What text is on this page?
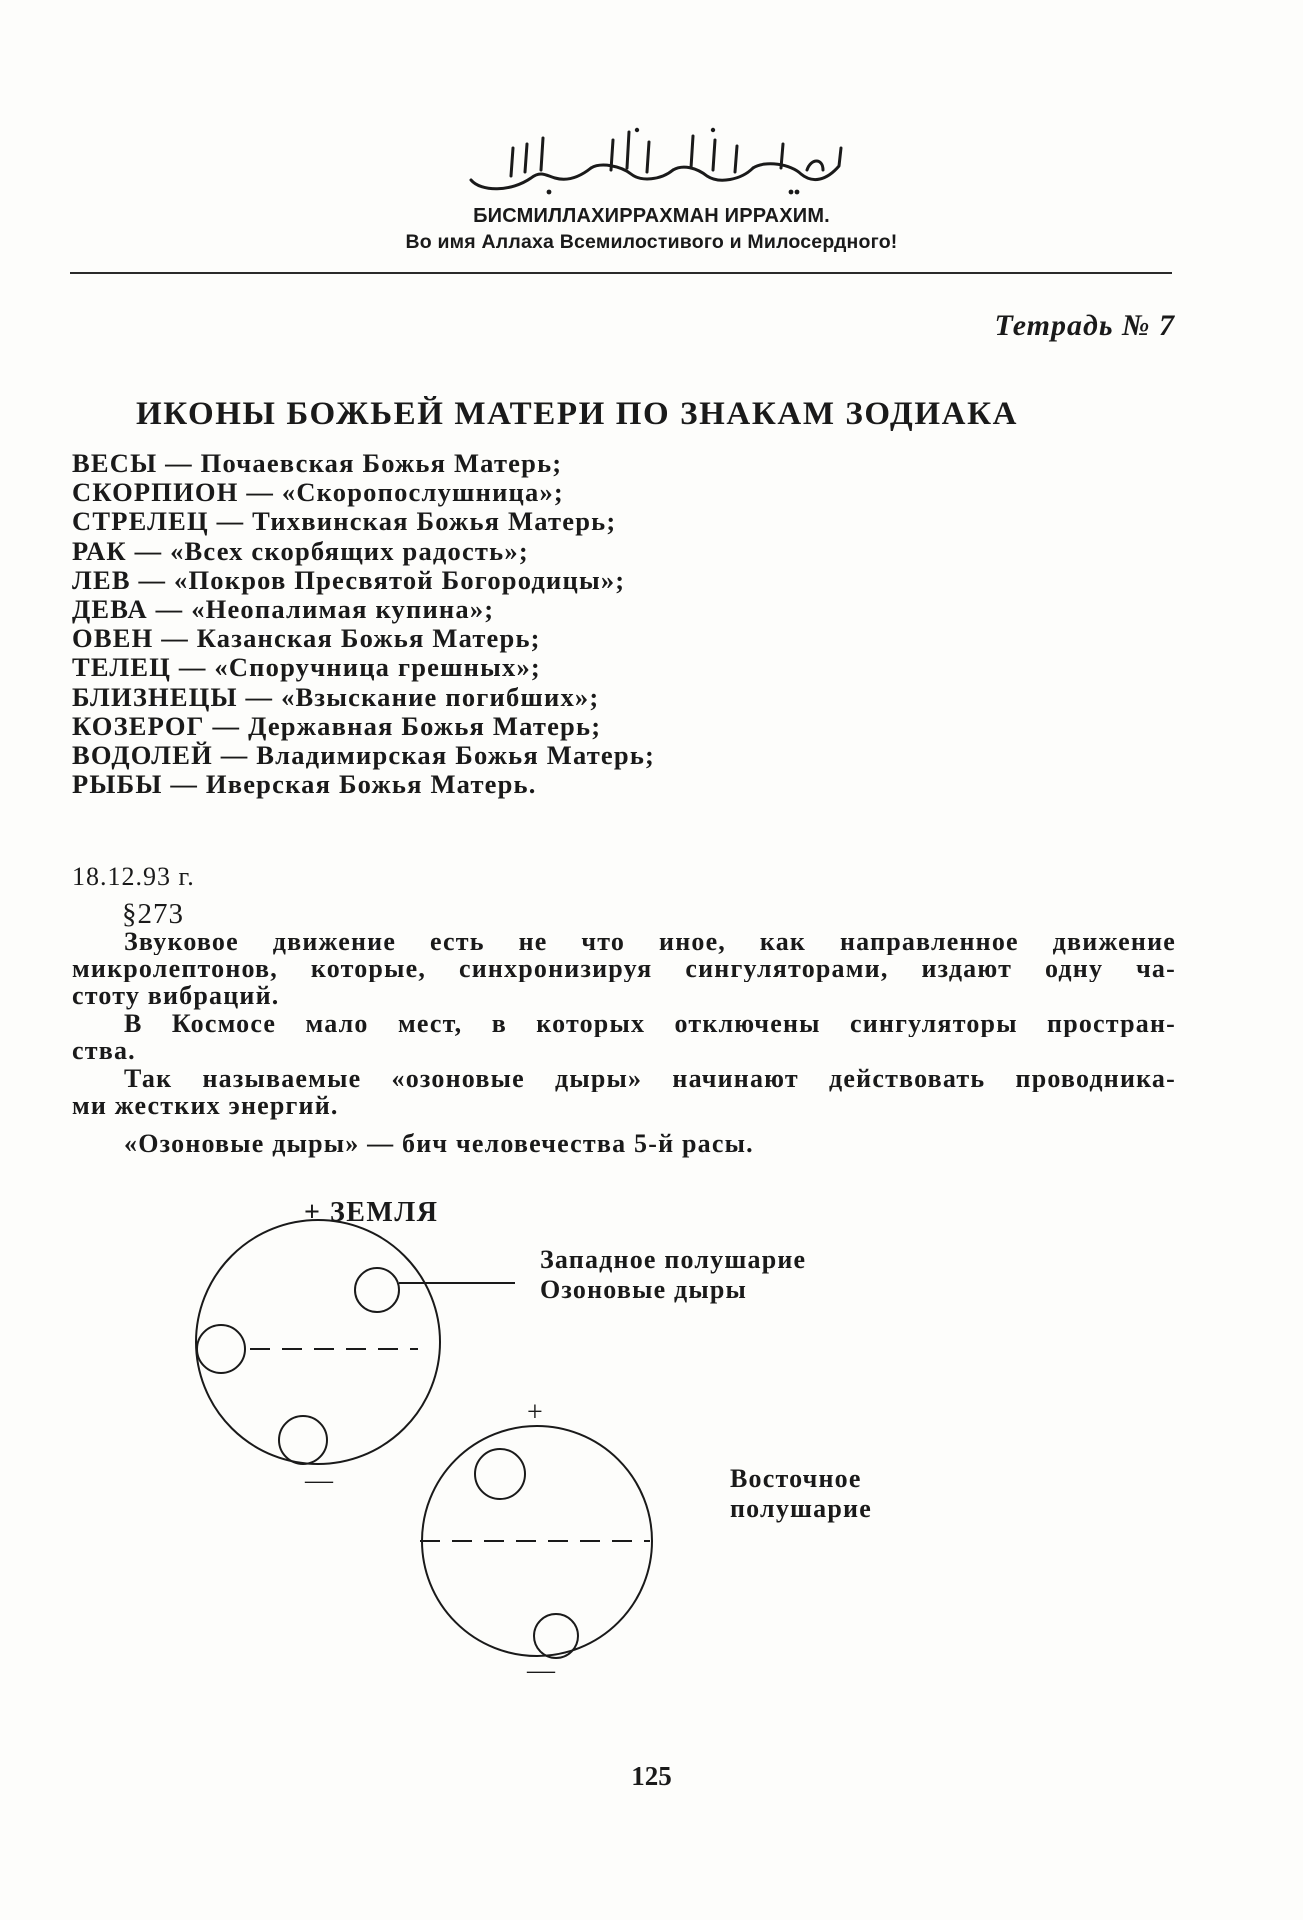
بِسْمِ اللَّهِ الرَّحْمَنِ الرَّحِيمِ
БИСМИЛЛАХИРРАХМАН ИРРАХИМ.
Во имя Аллаха Всемилостивого и Милосердного!
Тетрадь № 7
ИКОНЫ БОЖЬЕЙ МАТЕРИ ПО ЗНАКАМ ЗОДИАКА
ВЕСЫ — Почаевская Божья Матерь;
СКОРПИОН — «Скоропослушница»;
СТРЕЛЕЦ — Тихвинская Божья Матерь;
РАК — «Всех скорбящих радость»;
ЛЕВ — «Покров Пресвятой Богородицы»;
ДЕВА — «Неопалимая купина»;
ОВЕН — Казанская Божья Матерь;
ТЕЛЕЦ — «Споручница грешных»;
БЛИЗНЕЦЫ — «Взыскание погибших»;
КОЗЕРОГ — Державная Божья Матерь;
ВОДОЛЕЙ — Владимирская Божья Матерь;
РЫБЫ — Иверская Божья Матерь.
18.12.93 г.
§273
Звуковое движение есть не что иное, как направленное движение
микролептонов, которые, синхронизируя сингуляторами, издают одну ча-
стоту вибраций.
В Космосе мало мест, в которых отключены сингуляторы простран-
ства.
Так называемые «озоновые дыры» начинают действовать проводника-
ми жестких энергий.
«Озоновые дыры» — бич человечества 5-й расы.
+ ЗЕМЛЯ
Западное полушарие
Озоновые дыры
Восточное
полушарие
—
+
—
125
